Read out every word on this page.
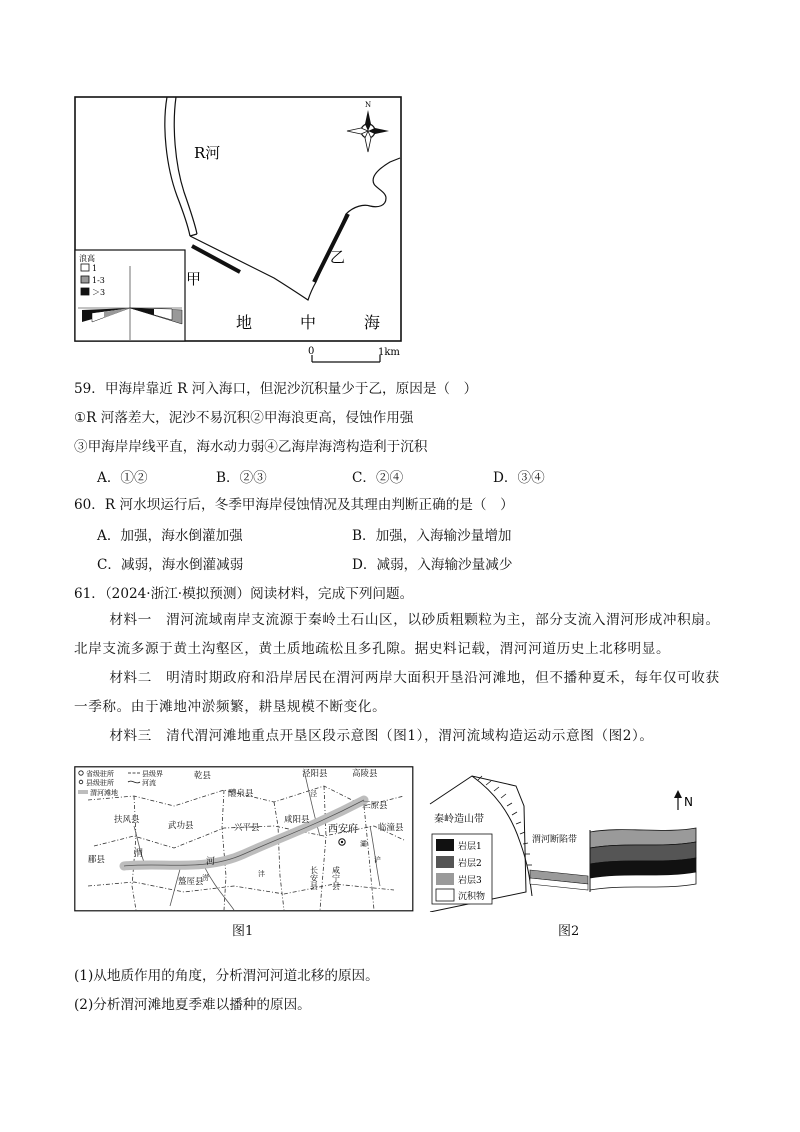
N
R河
乙
甲
地	中	海
浪高
1
1-3
＞3
0	1km
59．甲海岸靠近 R 河入海口，但泥沙沉积量少于乙，原因是（　）
①R 河落差大，泥沙不易沉积②甲海浪更高，侵蚀作用强
③甲海岸岸线平直，海水动力弱④乙海岸海湾构造利于沉积
A．①②	B．②③	C．②④	D．③④
60．R 河水坝运行后，冬季甲海岸侵蚀情况及其理由判断正确的是（　）
A．加强，海水倒灌加强	B．加强，入海输沙量增加
C．减弱，海水倒灌减弱	D．减弱，入海输沙量减少
61．（2024·浙江·模拟预测）阅读材料，完成下列问题。
材料一　渭河流域南岸支流源于秦岭土石山区，以砂质粗颗粒为主，部分支流入渭河形成冲积扇。北岸支流多源于黄土沟壑区，黄土质地疏松且多孔隙。据史料记载，渭河河道历史上北移明显。
材料二　明清时期政府和沿岸居民在渭河两岸大面积开垦沿河滩地，但不播种夏禾，每年仅可收获一季称。由于滩地冲淤频繁，耕垦规模不断变化。
材料三　清代渭河滩地重点开垦区段示意图（图1），渭河流域构造运动示意图（图2）。
省级驻所
县级驻所
县级界
河流
渭河滩地
乾县	泾阳县	高陵县
醴泉县
三原县
扶风县
武功县	兴平县
咸阳县
临潼县
郿县
盩厔县
西安府
长安县 咸宁县
渭
河
泾
灞
沣
涝
浐
图1
N
秦岭造山带
岩层1
岩层2
岩层3
沉积物
渭河断陷带
图2
(1)从地质作用的角度，分析渭河河道北移的原因。
(2)分析渭河滩地夏季难以播种的原因。
